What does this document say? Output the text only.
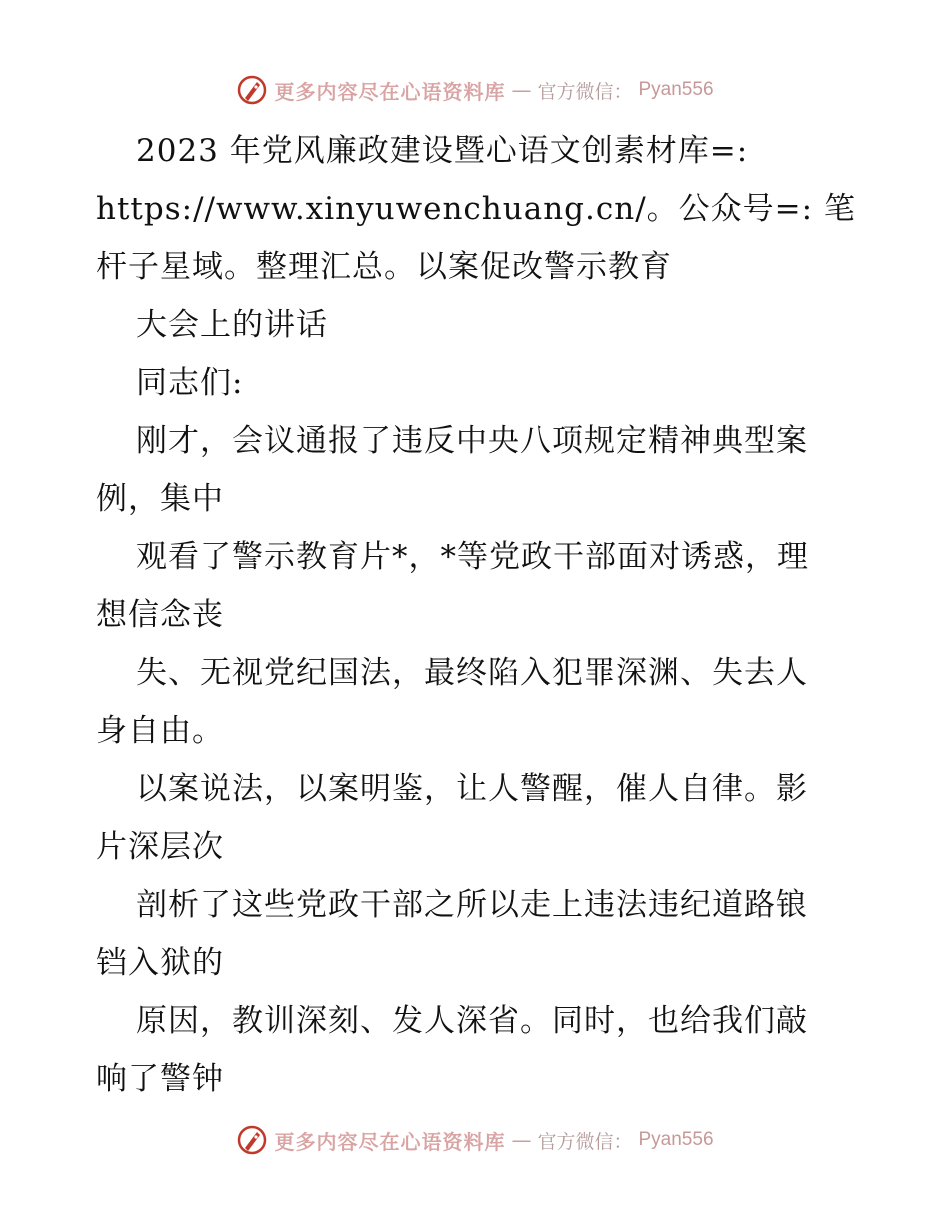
更多内容尽在心语资料库 — 官方微信： Pyan556
2023 年党风廉政建设暨心语文创素材库=:
https://www.xinyuwenchuang.cn/。公众号=: 笔
杆子星域。整理汇总。以案促改警示教育
大会上的讲话
同志们:
刚才，会议通报了违反中央八项规定精神典型案
例，集中
观看了警示教育片*，*等党政干部面对诱惑，理
想信念丧
失、无视党纪国法，最终陷入犯罪深渊、失去人
身自由。
以案说法，以案明鉴，让人警醒，催人自律。影
片深层次
剖析了这些党政干部之所以走上违法违纪道路锒
铛入狱的
原因，教训深刻、发人深省。同时，也给我们敲
响了警钟
更多内容尽在心语资料库 — 官方微信： Pyan556
